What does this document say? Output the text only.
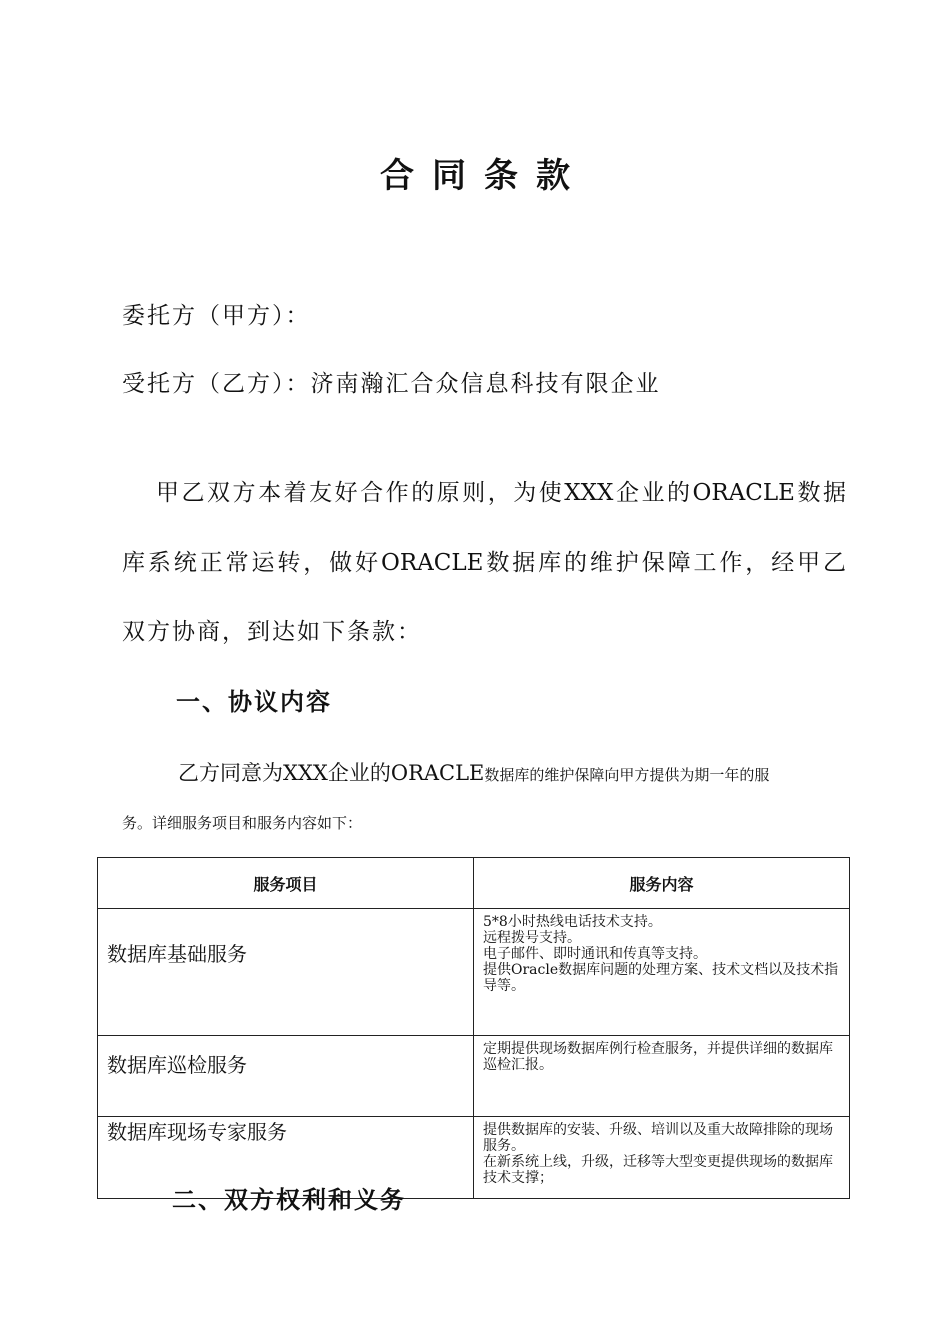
合同条款
委托方（甲方）：
受托方（乙方）：济南瀚汇合众信息科技有限企业
甲乙双方本着友好合作的原则，为使XXX企业的ORACLE数据
库系统正常运转，做好ORACLE数据库的维护保障工作，经甲乙
双方协商，到达如下条款：
一、协议内容
乙方同意为XXX企业的ORACLE数据库的维护保障向甲方提供为期一年的服
务。详细服务项目和服务内容如下：
服务项目	服务内容
数据库基础服务	5*8小时热线电话技术支持。
远程拨号支持。
电子邮件、即时通讯和传真等支持。
提供Oracle数据库问题的处理方案、技术文档以及技术指导等。

数据库巡检服务	定期提供现场数据库例行检查服务，并提供详细的数据库巡检汇报。

数据库现场专家服务	提供数据库的安装、升级、培训以及重大故障排除的现场服务。
在新系统上线，升级，迁移等大型变更提供现场的数据库技术支撑；
二、双方权利和义务
